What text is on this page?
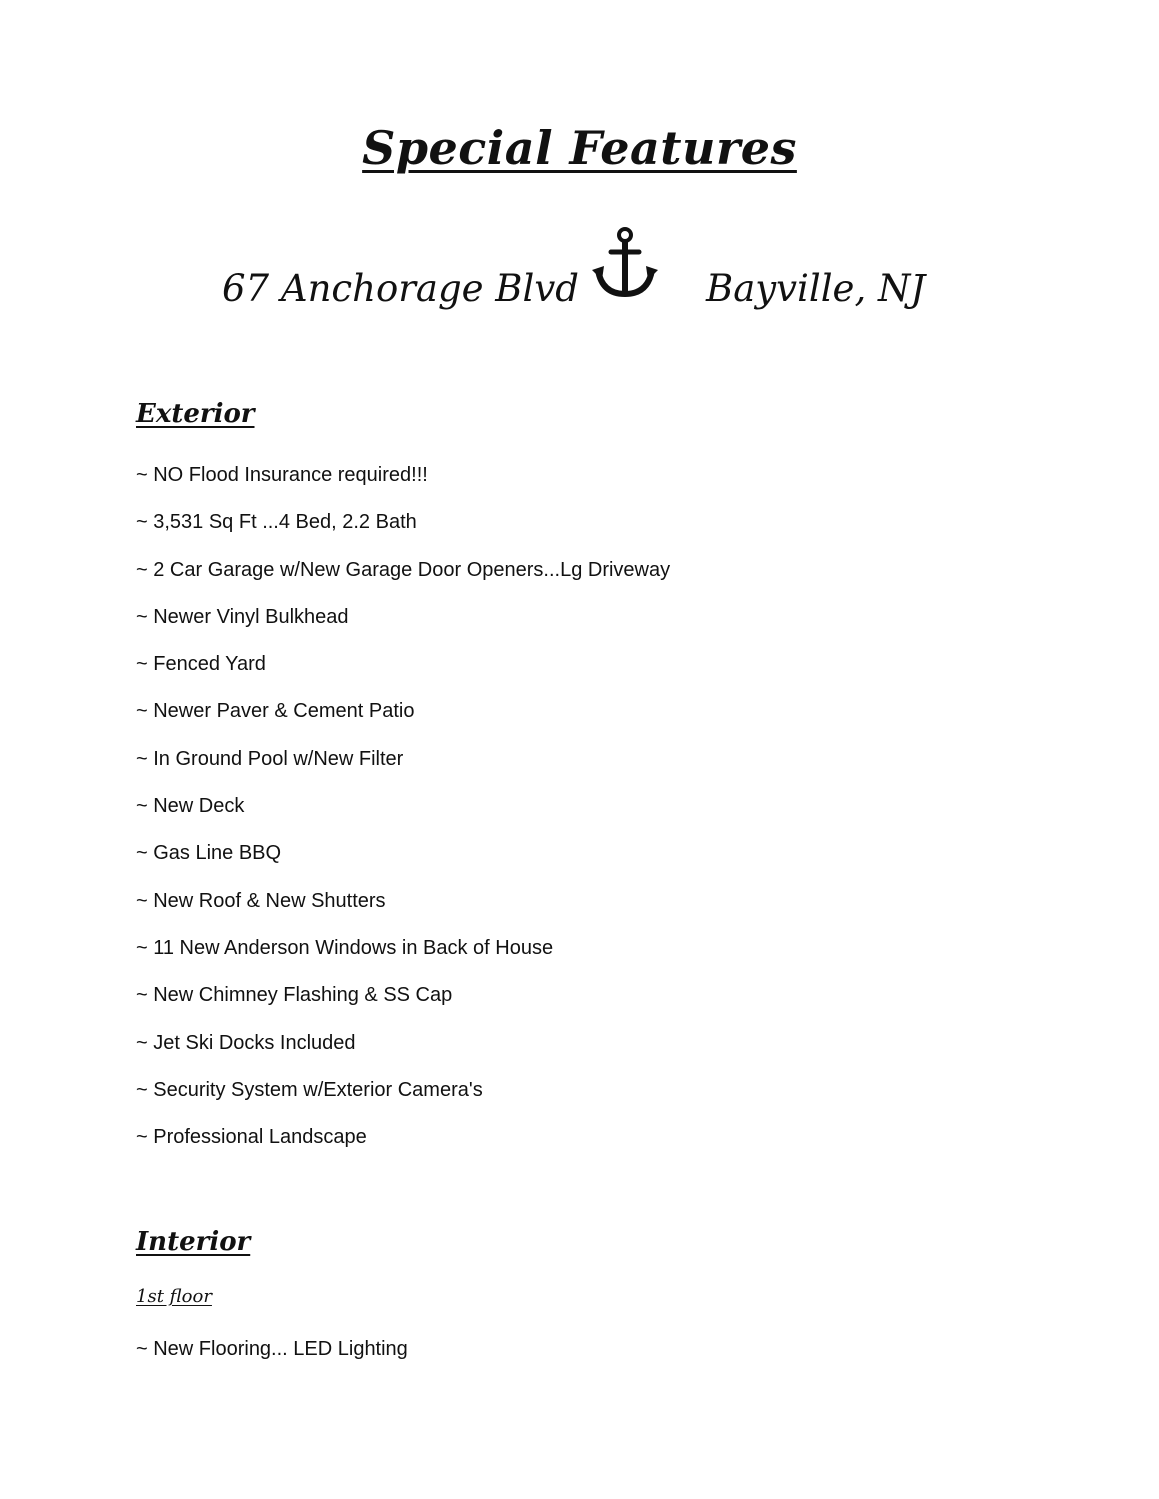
Special Features
67 Anchorage Blvd	Bayville, NJ
Exterior
~ NO Flood Insurance required!!!
~ 3,531 Sq Ft ...4 Bed, 2.2 Bath
~ 2 Car Garage w/New Garage Door Openers...Lg Driveway
~ Newer Vinyl Bulkhead
~ Fenced Yard
~ Newer Paver & Cement Patio
~ In Ground Pool w/New Filter
~ New Deck
~ Gas Line BBQ
~ New Roof & New Shutters
~ 11 New Anderson Windows in Back of House
~ New Chimney Flashing & SS Cap
~ Jet Ski Docks Included
~ Security System w/Exterior Camera's
~ Professional Landscape
Interior
1st floor
~ New Flooring... LED Lighting
